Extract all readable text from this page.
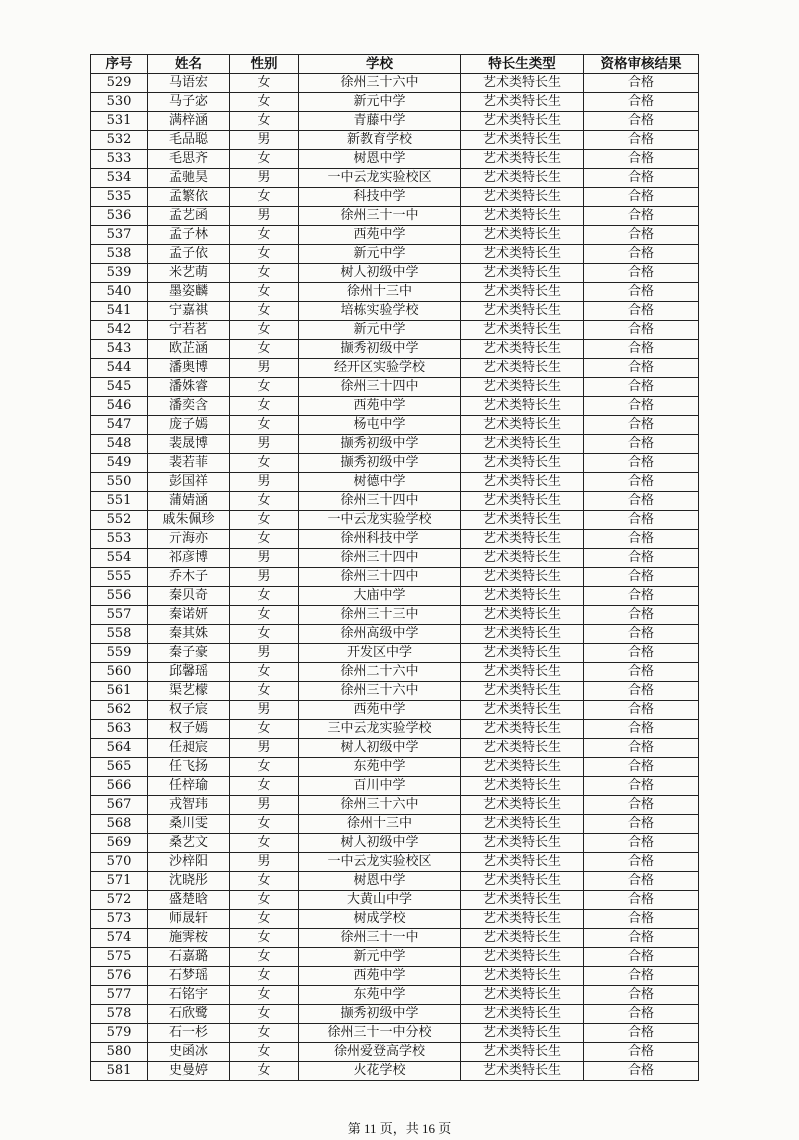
序号	姓名	性别	学校	特长生类型	资格审核结果
529	马语宏	女	徐州三十六中	艺术类特长生	合格
530	马子宓	女	新元中学	艺术类特长生	合格
531	满梓涵	女	青藤中学	艺术类特长生	合格
532	毛品聪	男	新教育学校	艺术类特长生	合格
533	毛思齐	女	树恩中学	艺术类特长生	合格
534	孟驰昊	男	一中云龙实验校区	艺术类特长生	合格
535	孟繁依	女	科技中学	艺术类特长生	合格
536	孟艺函	男	徐州三十一中	艺术类特长生	合格
537	孟子林	女	西苑中学	艺术类特长生	合格
538	孟子依	女	新元中学	艺术类特长生	合格
539	米艺萌	女	树人初级中学	艺术类特长生	合格
540	墨姿麟	女	徐州十三中	艺术类特长生	合格
541	宁嘉祺	女	培栋实验学校	艺术类特长生	合格
542	宁若茗	女	新元中学	艺术类特长生	合格
543	欧芷涵	女	撷秀初级中学	艺术类特长生	合格
544	潘奥博	男	经开区实验学校	艺术类特长生	合格
545	潘姝睿	女	徐州三十四中	艺术类特长生	合格
546	潘奕含	女	西苑中学	艺术类特长生	合格
547	庞子嫣	女	杨屯中学	艺术类特长生	合格
548	裴晟博	男	撷秀初级中学	艺术类特长生	合格
549	裴若菲	女	撷秀初级中学	艺术类特长生	合格
550	彭国祥	男	树德中学	艺术类特长生	合格
551	蒲婧涵	女	徐州三十四中	艺术类特长生	合格
552	戚朱佩珍	女	一中云龙实验学校	艺术类特长生	合格
553	亓海亦	女	徐州科技中学	艺术类特长生	合格
554	祁彦博	男	徐州三十四中	艺术类特长生	合格
555	乔木子	男	徐州三十四中	艺术类特长生	合格
556	秦贝奇	女	大庙中学	艺术类特长生	合格
557	秦诺妍	女	徐州三十三中	艺术类特长生	合格
558	秦其姝	女	徐州高级中学	艺术类特长生	合格
559	秦子豪	男	开发区中学	艺术类特长生	合格
560	邱馨瑶	女	徐州二十六中	艺术类特长生	合格
561	渠艺檬	女	徐州三十六中	艺术类特长生	合格
562	权子宸	男	西苑中学	艺术类特长生	合格
563	权子嫣	女	三中云龙实验学校	艺术类特长生	合格
564	任昶宸	男	树人初级中学	艺术类特长生	合格
565	任飞扬	女	东苑中学	艺术类特长生	合格
566	任梓瑜	女	百川中学	艺术类特长生	合格
567	戎智玮	男	徐州三十六中	艺术类特长生	合格
568	桑川雯	女	徐州十三中	艺术类特长生	合格
569	桑艺文	女	树人初级中学	艺术类特长生	合格
570	沙梓阳	男	一中云龙实验校区	艺术类特长生	合格
571	沈晓彤	女	树恩中学	艺术类特长生	合格
572	盛楚晗	女	大黄山中学	艺术类特长生	合格
573	师晟轩	女	树成学校	艺术类特长生	合格
574	施霁桉	女	徐州三十一中	艺术类特长生	合格
575	石嘉璐	女	新元中学	艺术类特长生	合格
576	石梦瑶	女	西苑中学	艺术类特长生	合格
577	石铭宇	女	东苑中学	艺术类特长生	合格
578	石欣鹭	女	撷秀初级中学	艺术类特长生	合格
579	石一杉	女	徐州三十一中分校	艺术类特长生	合格
580	史函冰	女	徐州爱登高学校	艺术类特长生	合格
581	史曼婷	女	火花学校	艺术类特长生	合格
第 11 页，共 16 页
